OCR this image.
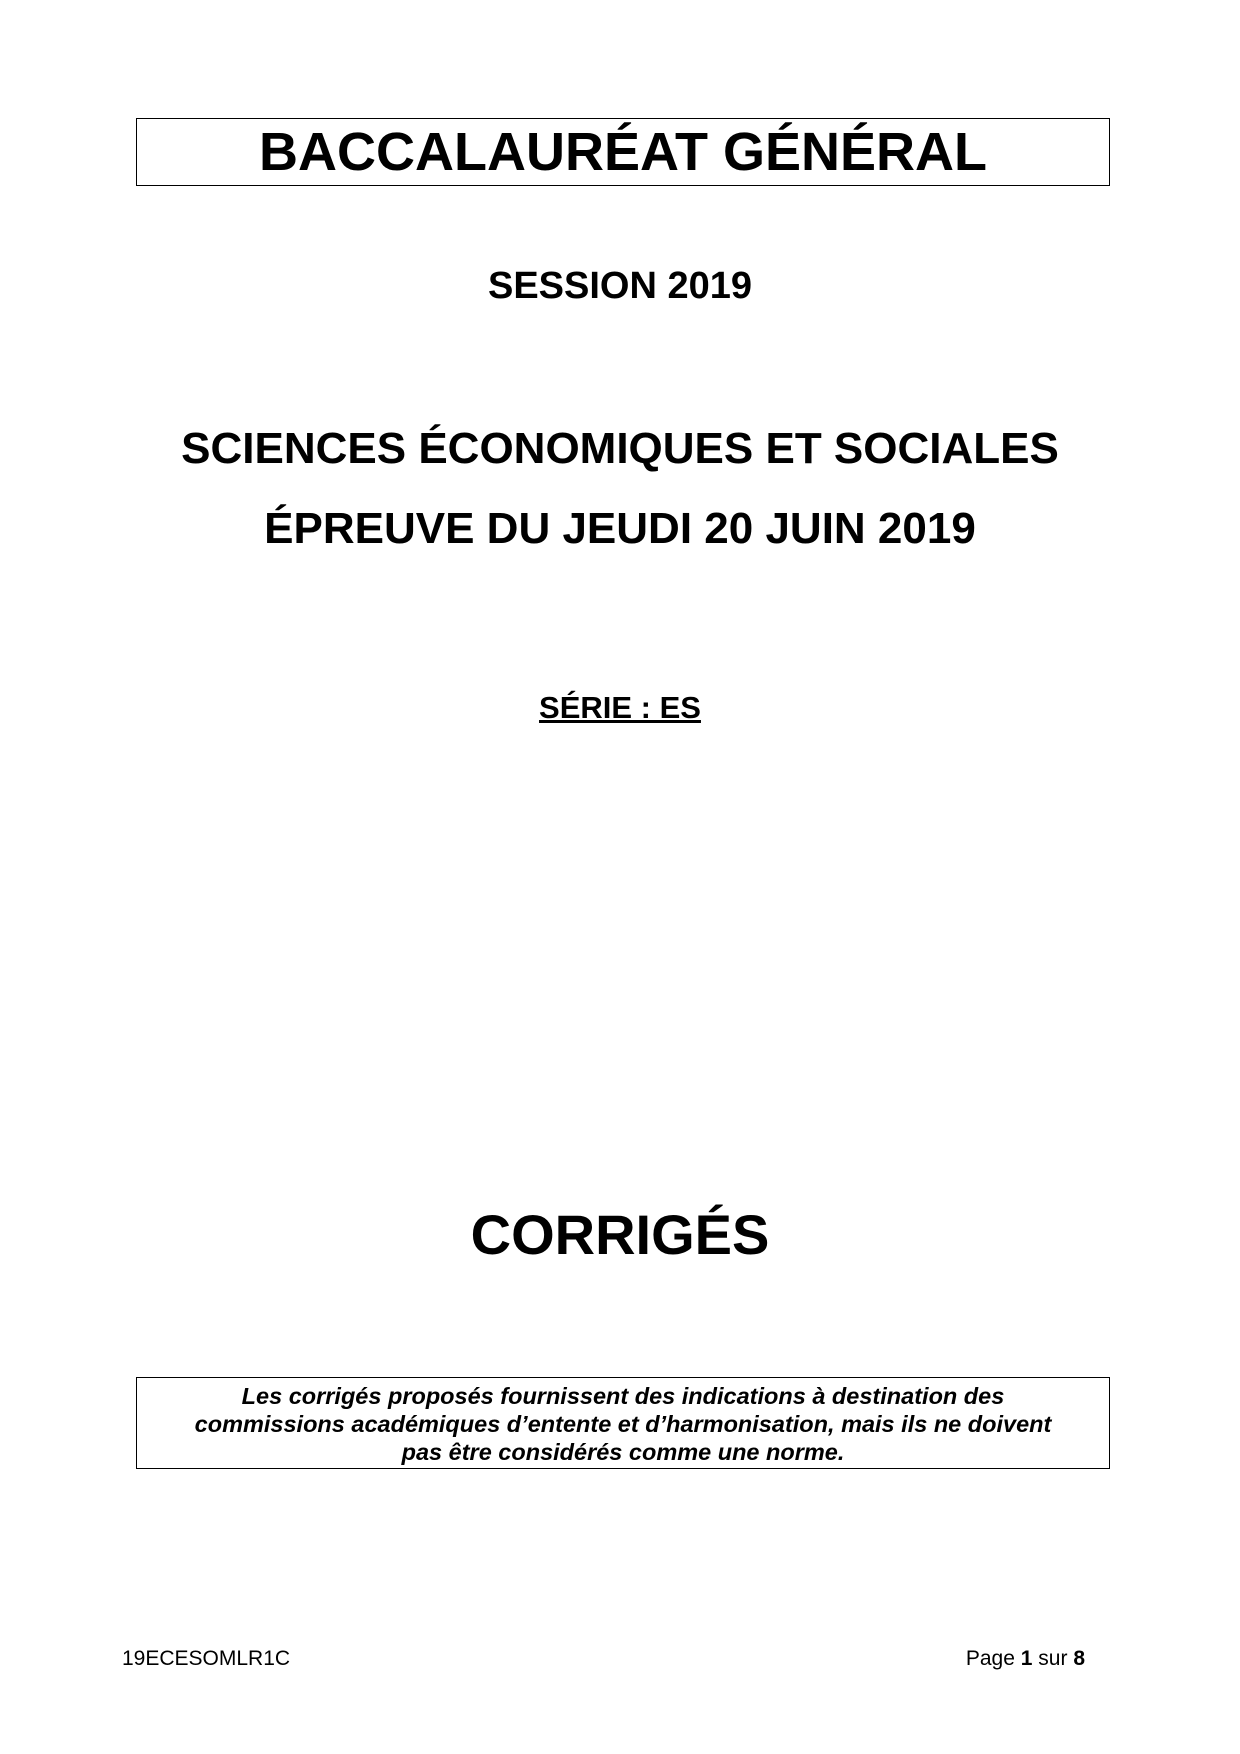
BACCALAURÉAT GÉNÉRAL
SESSION 2019
SCIENCES ÉCONOMIQUES ET SOCIALES
ÉPREUVE DU JEUDI 20 JUIN 2019
SÉRIE : ES
CORRIGÉS

Les corrigés proposés fournissent des indications à destination des

commissions académiques d’entente et d’harmonisation, mais ils ne doivent

pas être considérés comme une norme.

19ECESOMLR1C	Page 1 sur 8
